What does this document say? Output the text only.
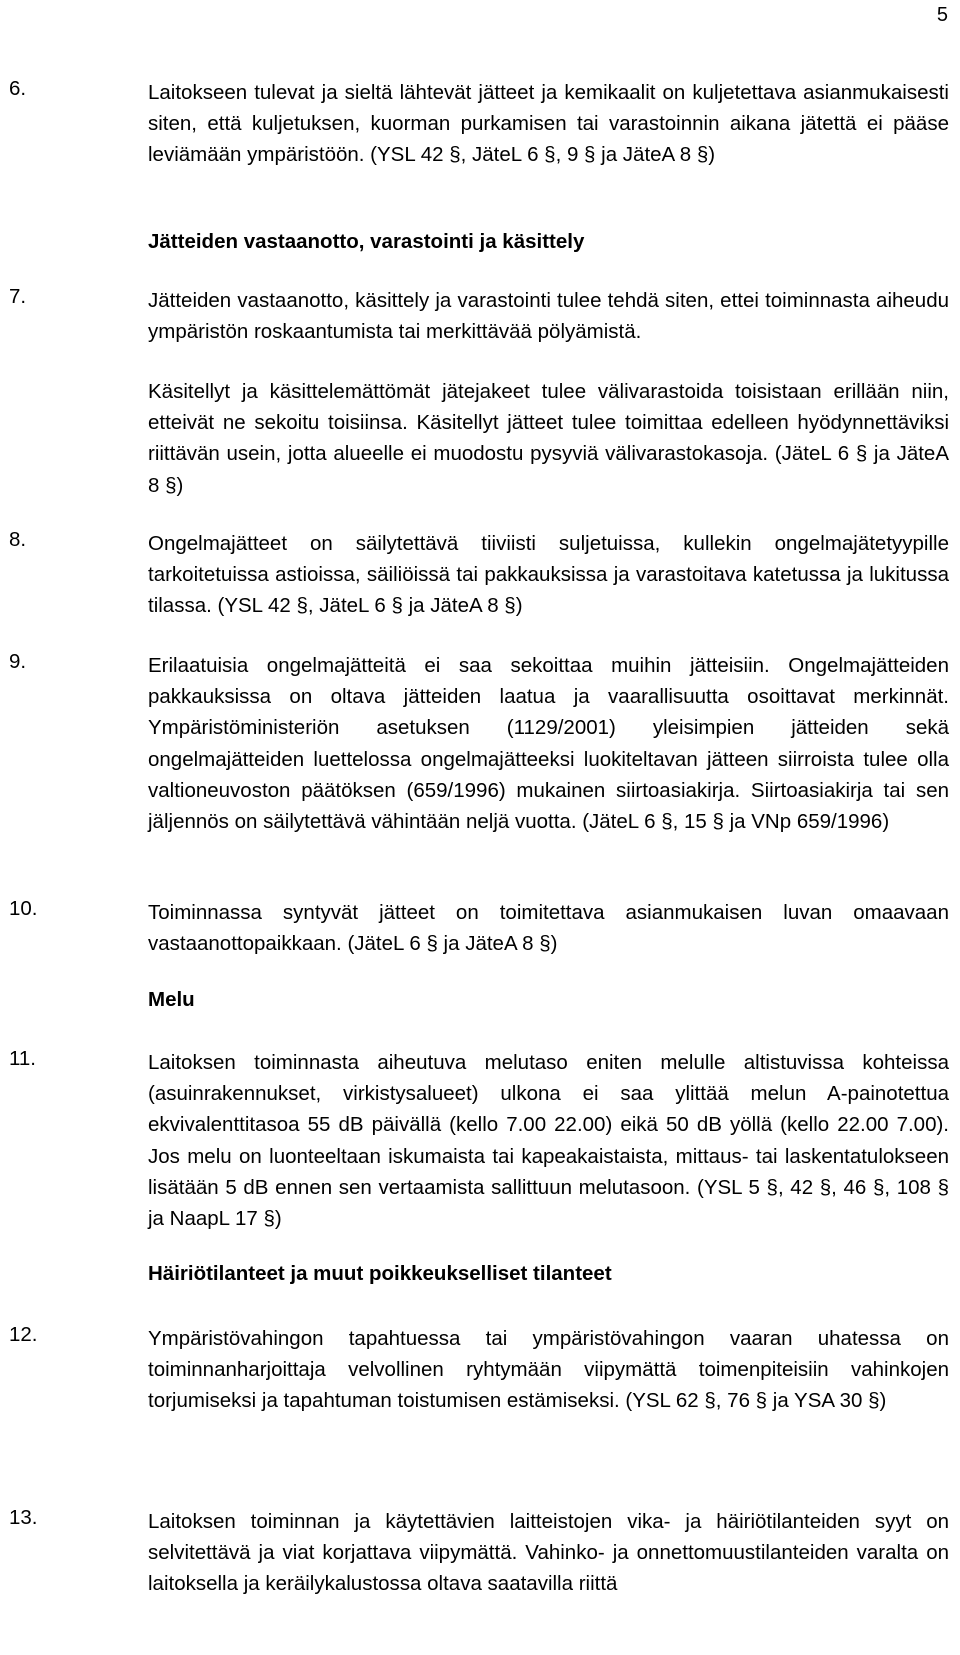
5
6.	Laitokseen tulevat ja sieltä lähtevät jätteet ja kemikaalit on kuljetettava asianmukaisesti siten, että kuljetuksen, kuorman purkamisen tai varastoinnin aikana jätettä ei pääse leviämään ympäristöön. (YSL 42 §, JäteL 6 §, 9 § ja JäteA 8 §)
Jätteiden vastaanotto, varastointi ja käsittely
7.	Jätteiden vastaanotto, käsittely ja varastointi tulee tehdä siten, ettei toiminnasta aiheudu ympäristön roskaantumista tai merkittävää pölyämistä.
Käsitellyt ja käsittelemättömät jätejakeet tulee välivarastoida toisistaan erillään niin, etteivät ne sekoitu toisiinsa. Käsitellyt jätteet tulee toimittaa edelleen hyödynnettäviksi riittävän usein, jotta alueelle ei muodostu pysyviä välivarastokasoja. (JäteL 6 § ja JäteA 8 §)
8.	Ongelmajätteet on säilytettävä tiiviisti suljetuissa, kullekin ongelmajätetyypille tarkoitetuissa astioissa, säiliöissä tai pakkauksissa ja varastoitava katetussa ja lukitussa tilassa. (YSL 42 §, JäteL 6 § ja JäteA 8 §)
9.	Erilaatuisia ongelmajätteitä ei saa sekoittaa muihin jätteisiin. Ongelmajätteiden pakkauksissa on oltava jätteiden laatua ja vaarallisuutta osoittavat merkinnät. Ympäristöministeriön asetuksen (1129/2001) yleisimpien jätteiden sekä ongelmajätteiden luettelossa ongelmajätteeksi luokiteltavan jätteen siirroista tulee olla valtioneuvoston päätöksen (659/1996) mukainen siirtoasiakirja. Siirtoasiakirja tai sen jäljennös on säilytettävä vähintään neljä vuotta. (JäteL 6 §, 15 § ja VNp 659/1996)
10.	Toiminnassa syntyvät jätteet on toimitettava asianmukaisen luvan omaavaan vastaanottopaikkaan. (JäteL 6 § ja JäteA 8 §)
Melu
11.	Laitoksen toiminnasta aiheutuva melutaso eniten melulle altistuvissa kohteissa (asuinrakennukset, virkistysalueet) ulkona ei saa ylittää melun A-painotettua ekvivalenttitasoa 55 dB päivällä (kello 7.00 22.00) eikä 50 dB yöllä (kello 22.00 7.00). Jos melu on luonteeltaan iskumaista tai kapeakaistaista, mittaus- tai laskentatulokseen lisätään 5 dB ennen sen vertaamista sallittuun melutasoon. (YSL 5 §, 42 §, 46 §, 108 § ja NaapL 17 §)
Häiriötilanteet ja muut poikkeukselliset tilanteet
12.	Ympäristövahingon tapahtuessa tai ympäristövahingon vaaran uhatessa on toiminnanharjoittaja velvollinen ryhtymään viipymättä toimenpiteisiin vahinkojen torjumiseksi ja tapahtuman toistumisen estämiseksi. (YSL 62 §, 76 § ja YSA 30 §)
13.	Laitoksen toiminnan ja käytettävien laitteistojen vika- ja häiriötilanteiden syyt on selvitettävä ja viat korjattava viipymättä. Vahinko- ja onnettomuustilanteiden varalta on laitoksella ja keräilykalustossa oltava saatavilla riittä
